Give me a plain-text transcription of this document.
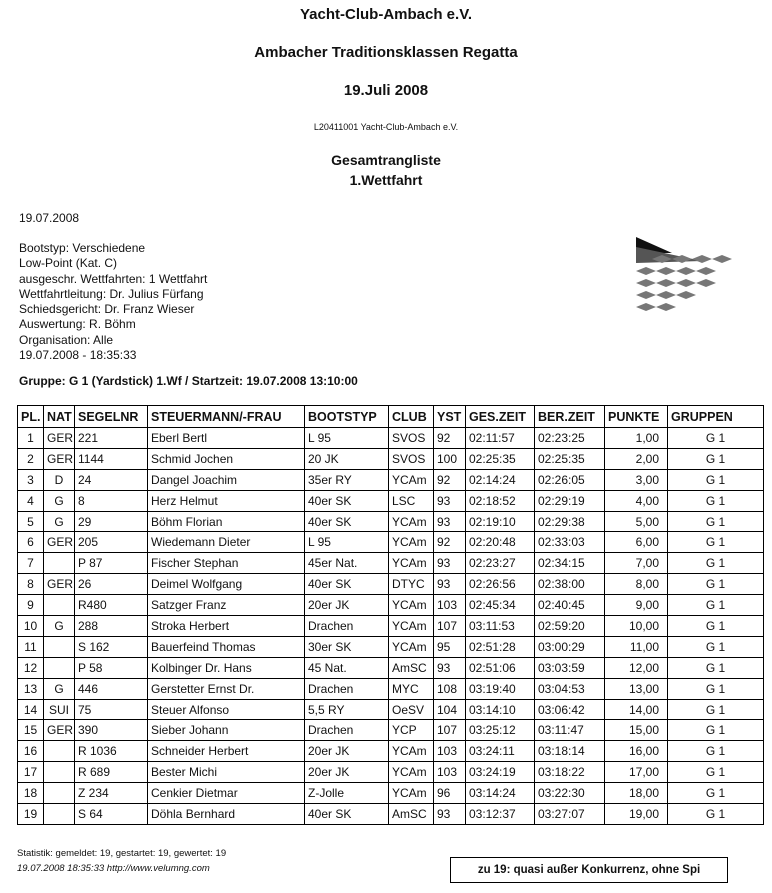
Yacht-Club-Ambach e.V.
Ambacher Traditionsklassen Regatta
19.Juli 2008
L20411001 Yacht-Club-Ambach e.V.
Gesamtrangliste
1.Wettfahrt
19.07.2008
Bootstyp: Verschiedene
Low-Point (Kat. C)
ausgeschr. Wettfahrten: 1 Wettfahrt
Wettfahrtleitung: Dr. Julius Fürfang
Schiedsgericht: Dr. Franz Wieser
Auswertung: R. Böhm
Organisation: Alle
19.07.2008 - 18:35:33
Gruppe: G 1 (Yardstick) 1.Wf / Startzeit: 19.07.2008 13:10:00
PL.	NAT	SEGELNR	STEUERMANN/-FRAU	BOOTSTYP	CLUB	YST	GES.ZEIT	BER.ZEIT	PUNKTE	GRUPPEN
1	GER	221	Eberl Bertl	L 95	SVOS	92	02:11:57	02:23:25	1,00	G 1
2	GER	1144	Schmid Jochen	20 JK	SVOS	100	02:25:35	02:25:35	2,00	G 1
3	D	24	Dangel Joachim	35er RY	YCAm	92	02:14:24	02:26:05	3,00	G 1
4	G	8	Herz Helmut	40er SK	LSC	93	02:18:52	02:29:19	4,00	G 1
5	G	29	Böhm Florian	40er SK	YCAm	93	02:19:10	02:29:38	5,00	G 1
6	GER	205	Wiedemann Dieter	L 95	YCAm	92	02:20:48	02:33:03	6,00	G 1
7		P 87	Fischer Stephan	45er Nat.	YCAm	93	02:23:27	02:34:15	7,00	G 1
8	GER	26	Deimel Wolfgang	40er SK	DTYC	93	02:26:56	02:38:00	8,00	G 1
9		R480	Satzger Franz	20er JK	YCAm	103	02:45:34	02:40:45	9,00	G 1
10	G	288	Stroka Herbert	Drachen	YCAm	107	03:11:53	02:59:20	10,00	G 1
11		S 162	Bauerfeind Thomas	30er SK	YCAm	95	02:51:28	03:00:29	11,00	G 1
12		P 58	Kolbinger Dr. Hans	45 Nat.	AmSC	93	02:51:06	03:03:59	12,00	G 1
13	G	446	Gerstetter Ernst Dr.	Drachen	MYC	108	03:19:40	03:04:53	13,00	G 1
14	SUI	75	Steuer Alfonso	5,5 RY	OeSV	104	03:14:10	03:06:42	14,00	G 1
15	GER	390	Sieber Johann	Drachen	YCP	107	03:25:12	03:11:47	15,00	G 1
16		R 1036	Schneider Herbert	20er JK	YCAm	103	03:24:11	03:18:14	16,00	G 1
17		R 689	Bester Michi	20er JK	YCAm	103	03:24:19	03:18:22	17,00	G 1
18		Z 234	Cenkier Dietmar	Z-Jolle	YCAm	96	03:14:24	03:22:30	18,00	G 1
19		S 64	Döhla Bernhard	40er SK	AmSC	93	03:12:37	03:27:07	19,00	G 1
Statistik: gemeldet: 19, gestartet: 19, gewertet: 19
19.07.2008 18:35:33 http://www.velumng.com	zu 19: quasi außer Konkurrenz, ohne Spi
